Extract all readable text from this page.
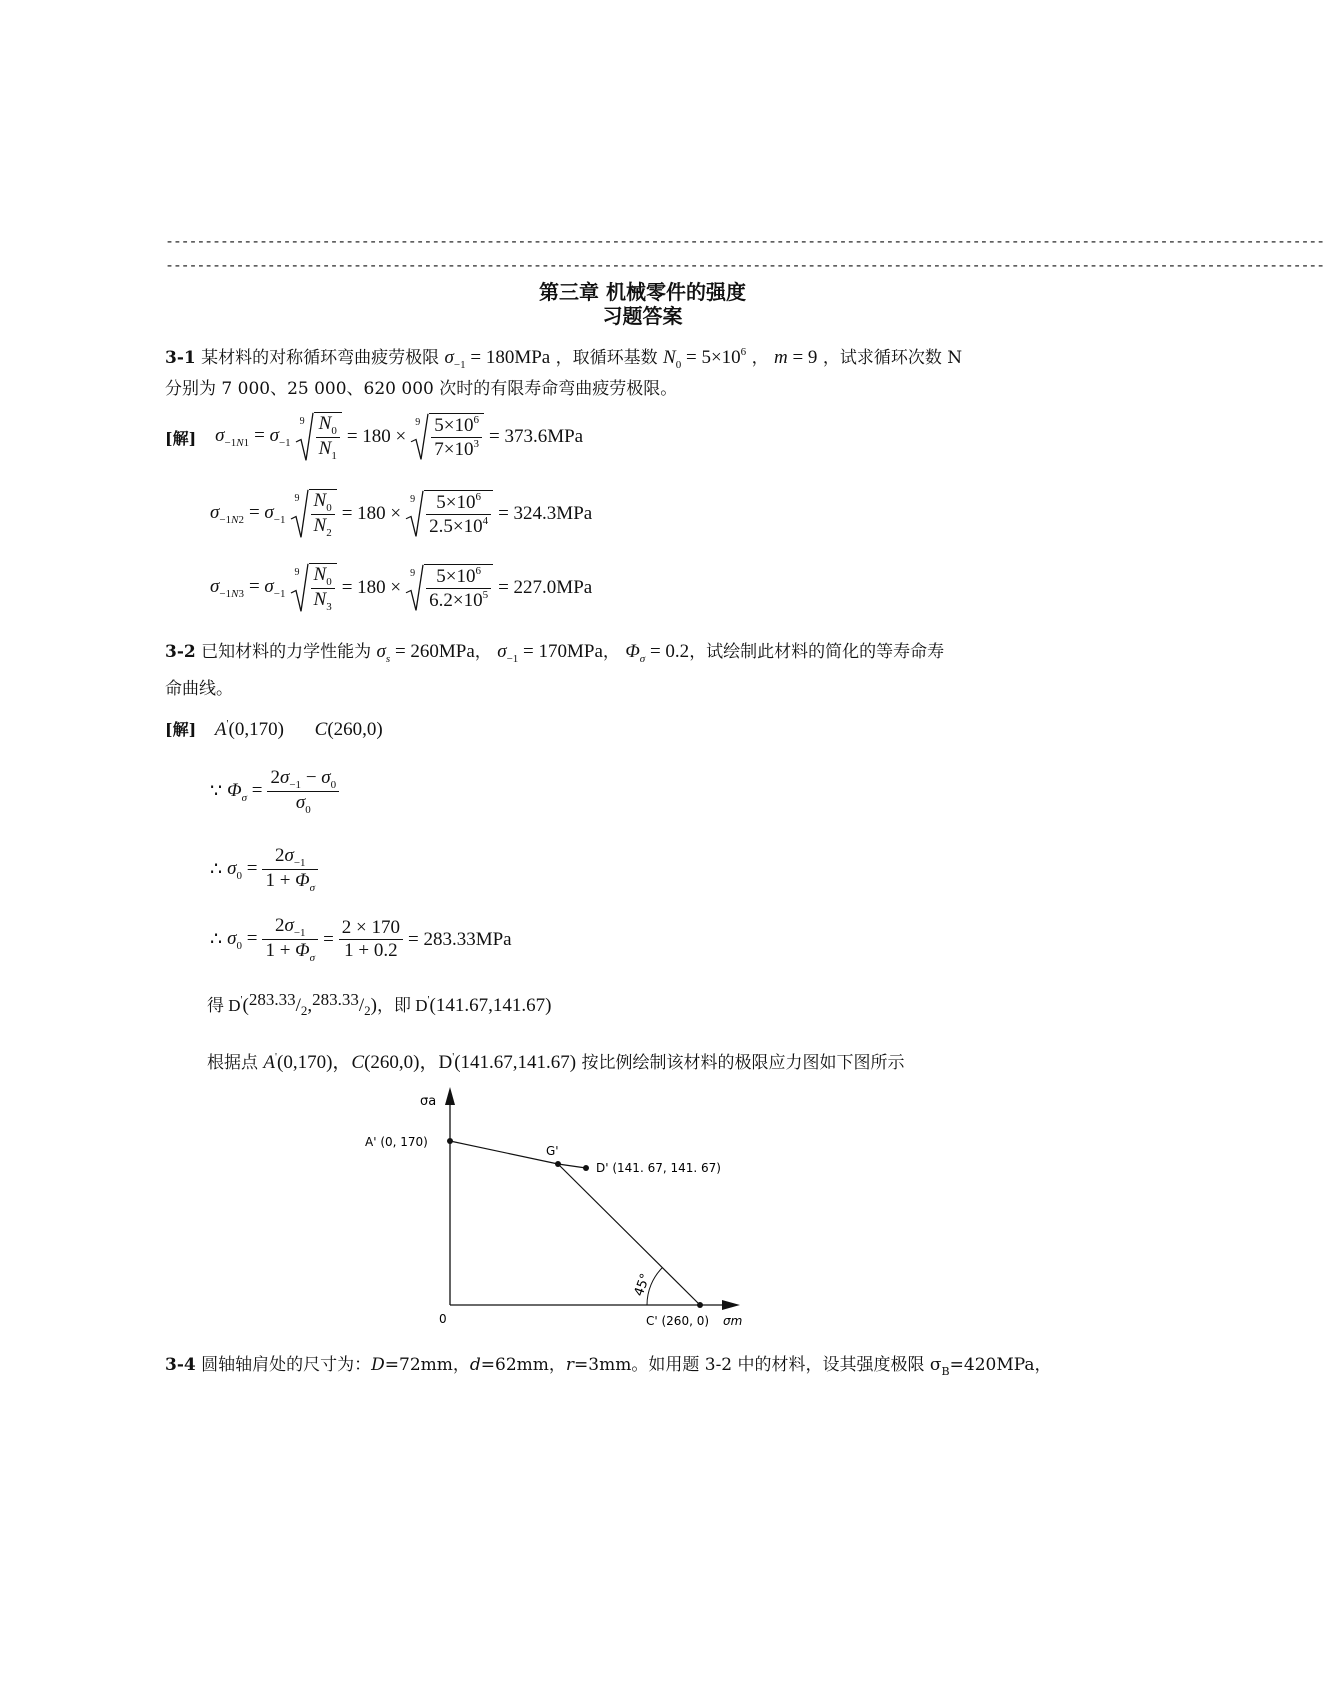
----------------------------------------------------------------------------------------------------------------------------------------------------
----------------------------------------------------------------------------------------------------------------------------------------------------
第三章 机械零件的强度
习题答案
3-1 某材料的对称循环弯曲疲劳极限 $\sigma_{-1} = 180MPa$ ，取循环基数 $N_0 = 5\times 10^6$ ， m = 9 ，试求循环次数 N
分别为 7 000、25 000、620 000 次时的有限寿命弯曲疲劳极限。
[解] $\sigma_{-1N1} = \sigma_{-1}$
$9 \frac{N_0}{N_1} = 180$ ×
$9 \frac{5\times 10^6}{7\times 10^3} = 373.6MPa$
$\sigma_{-1N2} = \sigma_{-1}$
$9 \frac{N_0}{N_2} = 180$ ×
$9 \frac{5\times 10^6}{2.5\times 10^4} = 324.3MPa$
$\sigma_{-1N3} = \sigma_{-1}$
$9 \frac{N_0}{N_3} = 180$ ×
$9 \frac{5\times 10^6}{6.2\times 10^5} = 227.0MPa$
3-2 已知材料的力学性能为 $\sigma_s = 260MPa$， $\sigma_{-1} = 170MPa$， $\Phi_\sigma = 0.2$，试绘制此材料的简化的等寿命寿
命曲线。
[解] A'(0,170) C(260,0)
∵ $\Phi_\sigma = \frac{2\sigma_{-1} - \sigma_0}{\sigma_0}$
∴ $\sigma_0 = \frac{2\sigma_{-1}}{1 + \Phi_\sigma}$
∴ $\sigma_0 = \frac{2\sigma_{-1}}{1 + \Phi_\sigma} = \frac{2 \times 170}{1 + 0.2} = 283.33MPa$
得 $D'(283.33/_2,283.33/_2)$，即 D'(141.67,141.67)
根据点 A'(0,170)，C(260,0)，D'(141.67,141.67) 按比例绘制该材料的极限应力图如下图所示
σa
A' (0, 170)
G'
D' (141. 67, 141. 67)
45°
0	C' (260, 0) σm
3-4 圆轴轴肩处的尺寸为：D=72mm，d=62mm，r=3mm。如用题 3-2 中的材料，设其强度极限 $\sigma_B=420MPa$，
